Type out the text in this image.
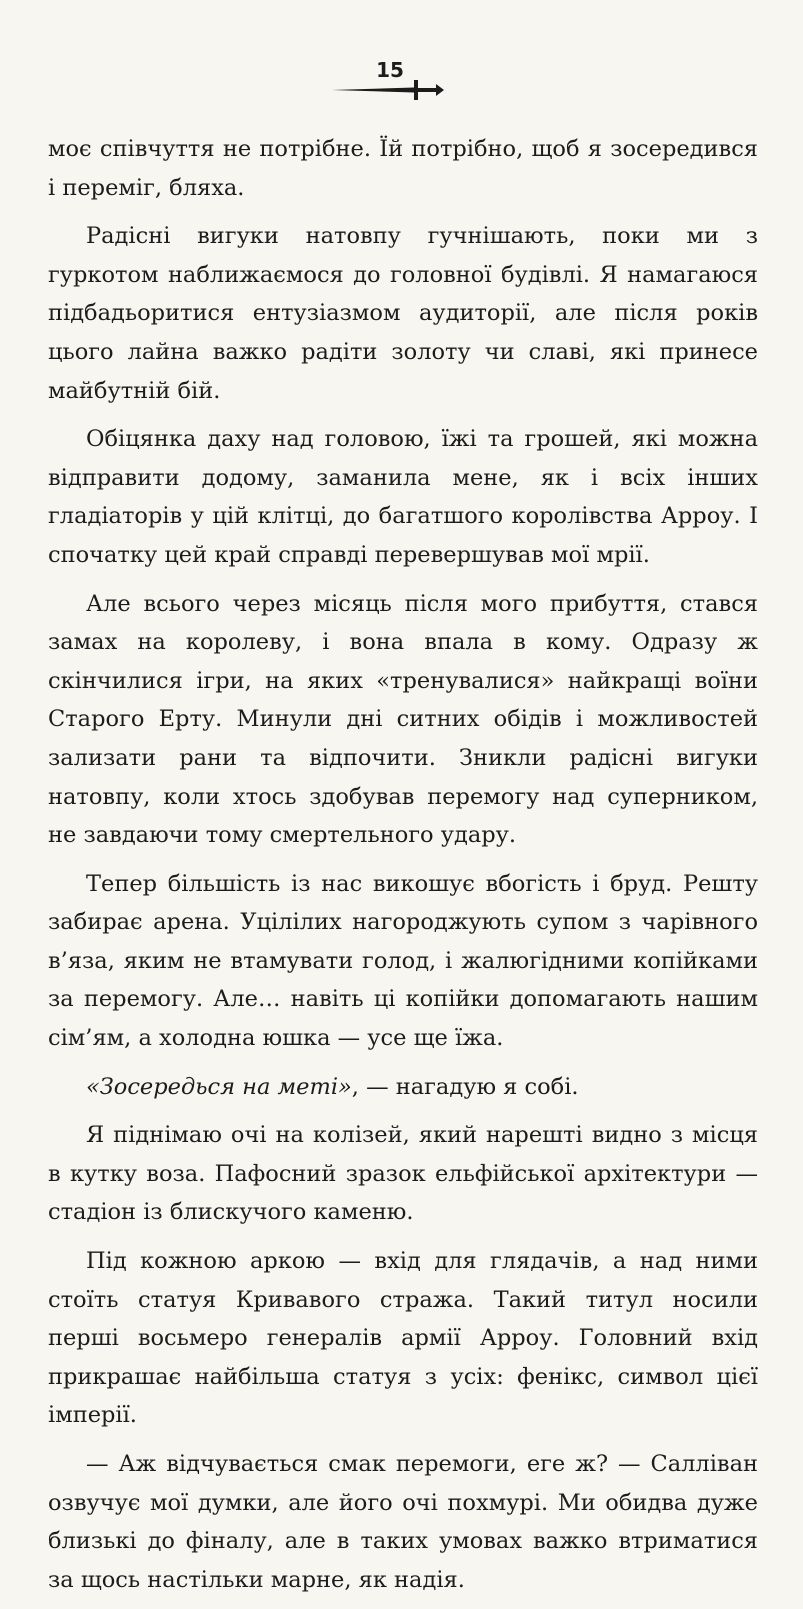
15

моє співчуття не потрібне. Їй потрібно, щоб я зосередився і переміг, бляха.

Радісні вигуки натовпу гучнішають, поки ми з гуркотом наближаємося до головної будівлі. Я намагаюся підбадьоритися ентузіазмом аудиторії, але після років цього лайна важко радіти золоту чи славі, які принесе майбутній бій.

Обіцянка даху над головою, їжі та грошей, які можна відправити додому, заманила мене, як і всіх інших гладіаторів у цій клітці, до багатшого королівства Арроу. І спочатку цей край справді перевершував мої мрії.

Але всього через місяць після мого прибуття, стався замах на королеву, і вона впала в кому. Одразу ж скінчилися ігри, на яких «тренувалися» найкращі воїни Старого Ерту. Минули дні ситних обідів і можливостей зализати рани та відпочити. Зникли радісні вигуки натовпу, коли хтось здобував перемогу над суперником, не завдаючи тому смертельного удару.

Тепер більшість із нас викошує вбогість і бруд. Решту забирає арена. Уцілілих нагороджують супом з чарівного в’яза, яким не втамувати голод, і жалюгідними копійками за перемогу. Але… навіть ці копійки допомагають нашим сім’ям, а холодна юшка — усе ще їжа.

«Зосередься на меті», — нагадую я собі.

Я піднімаю очі на колізей, який нарешті видно з місця в кутку воза. Пафосний зразок ельфійської архітектури — стадіон із блискучого каменю.

Під кожною аркою — вхід для глядачів, а над ними стоїть статуя Кривавого стража. Такий титул носили перші восьмеро генералів армії Арроу. Головний вхід прикрашає найбільша статуя з усіх: фенікс, символ цієї імперії.

— Аж відчувається смак перемоги, еге ж? — Салліван озвучує мої думки, але його очі похмурі. Ми обидва дуже близькі до фіналу, але в таких умовах важко втриматися за щось настільки марне, як надія.
